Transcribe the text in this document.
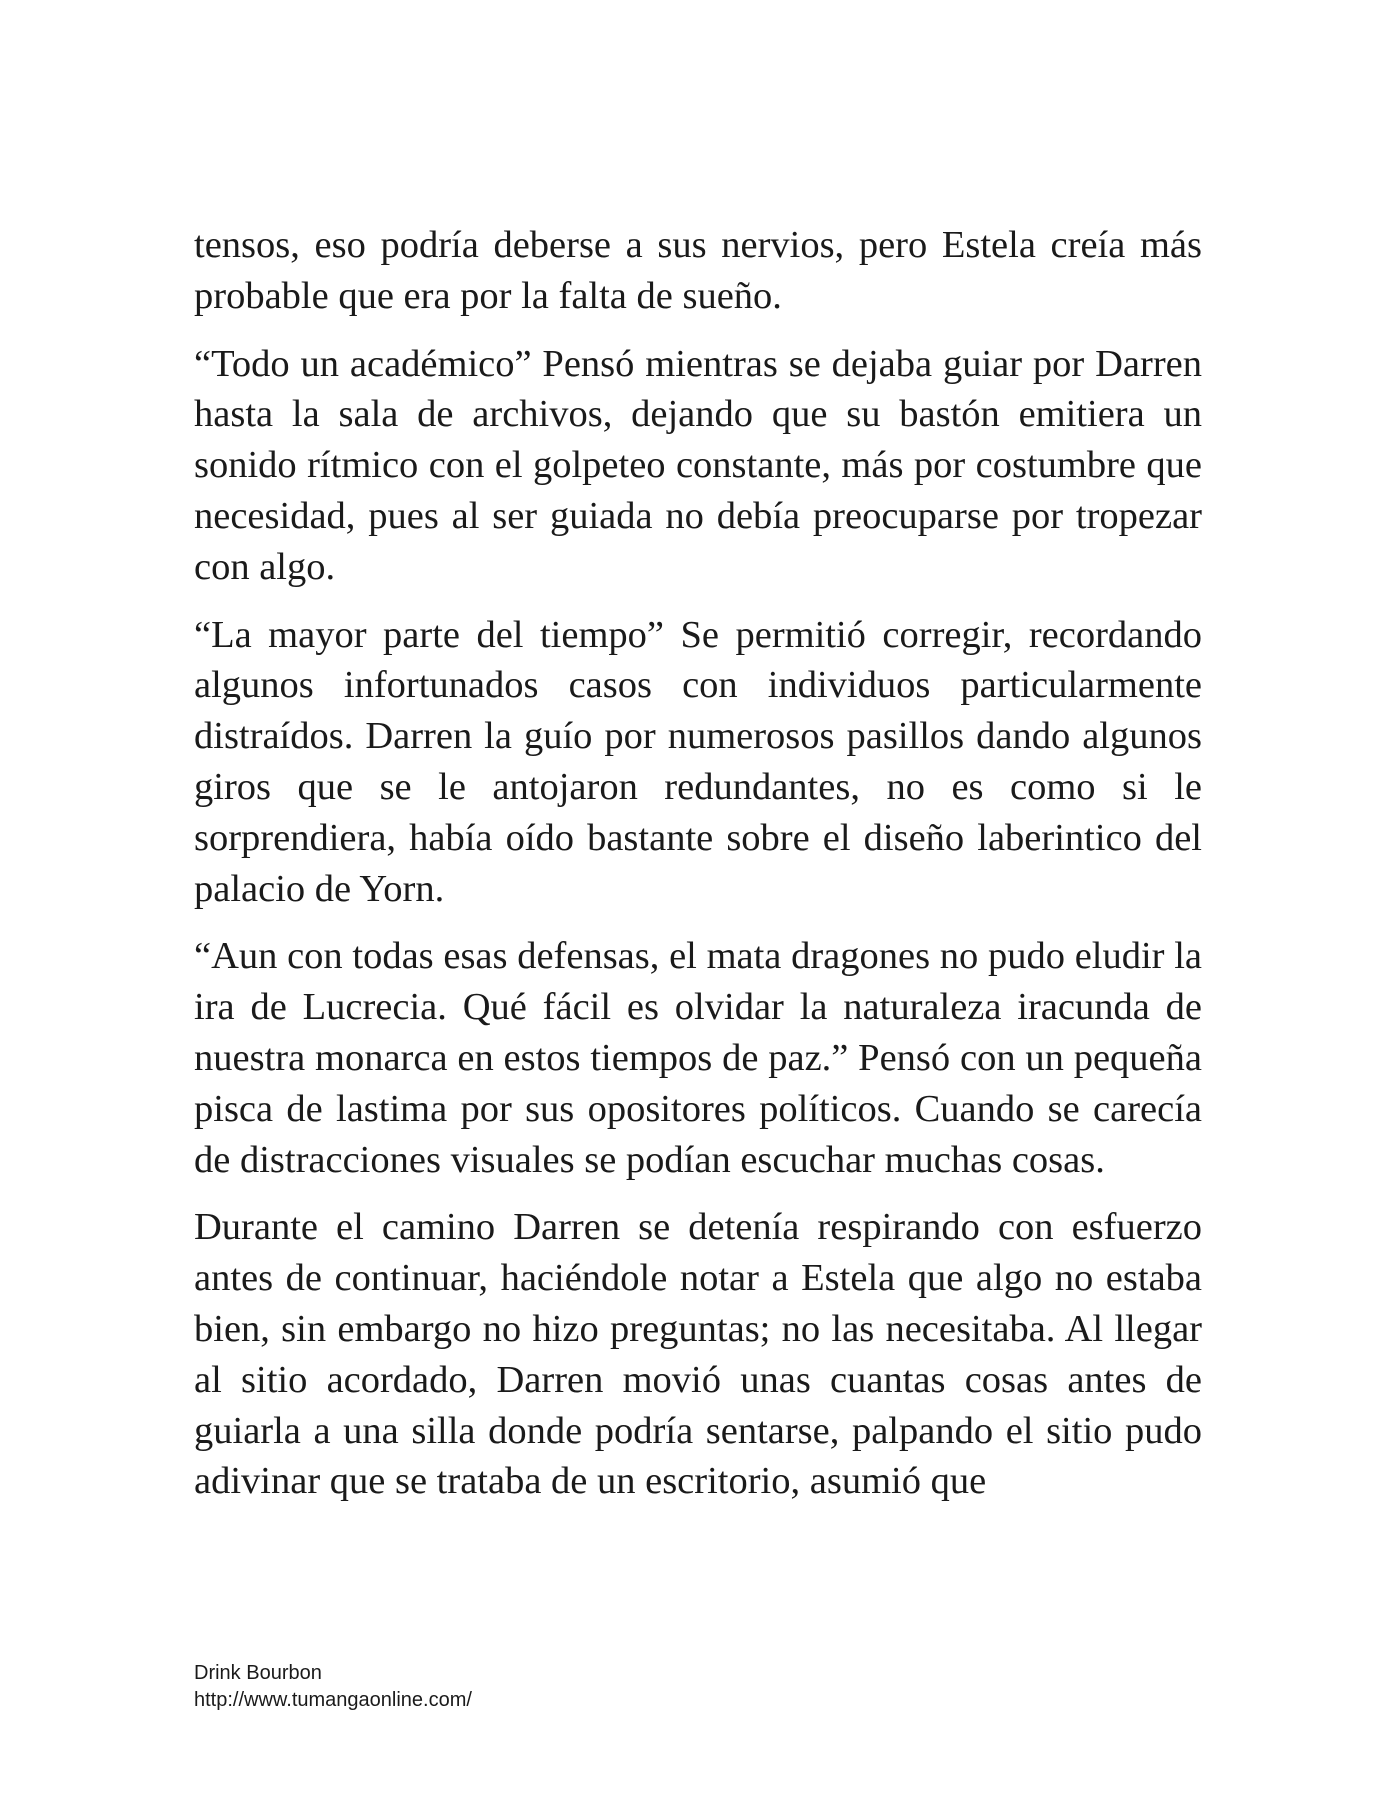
tensos, eso podría deberse a sus nervios, pero Estela creía más probable que era por la falta de sueño.

“Todo un académico” Pensó mientras se dejaba guiar por Darren hasta la sala de archivos, dejando que su bastón emitiera un sonido rítmico con el golpeteo constante, más por costumbre que necesidad, pues al ser guiada no debía preocuparse por tropezar con algo.

“La mayor parte del tiempo” Se permitió corregir, recordando algunos infortunados casos con individuos particularmente distraídos. Darren la guío por numerosos pasillos dando algunos giros que se le antojaron redundantes, no es como si le sorprendiera, había oído bastante sobre el diseño laberintico del palacio de Yorn.

“Aun con todas esas defensas, el mata dragones no pudo eludir la ira de Lucrecia. Qué fácil es olvidar la naturaleza iracunda de nuestra monarca en estos tiempos de paz.” Pensó con un pequeña pisca de lastima por sus opositores políticos. Cuando se carecía de distracciones visuales se podían escuchar muchas cosas.

Durante el camino Darren se detenía respirando con esfuerzo antes de continuar, haciéndole notar a Estela que algo no estaba bien, sin embargo no hizo preguntas; no las necesitaba. Al llegar al sitio acordado, Darren movió unas cuantas cosas antes de guiarla a una silla donde podría sentarse, palpando el sitio pudo adivinar que se trataba de un escritorio, asumió que

Drink Bourbon
http://www.tumangaonline.com/
